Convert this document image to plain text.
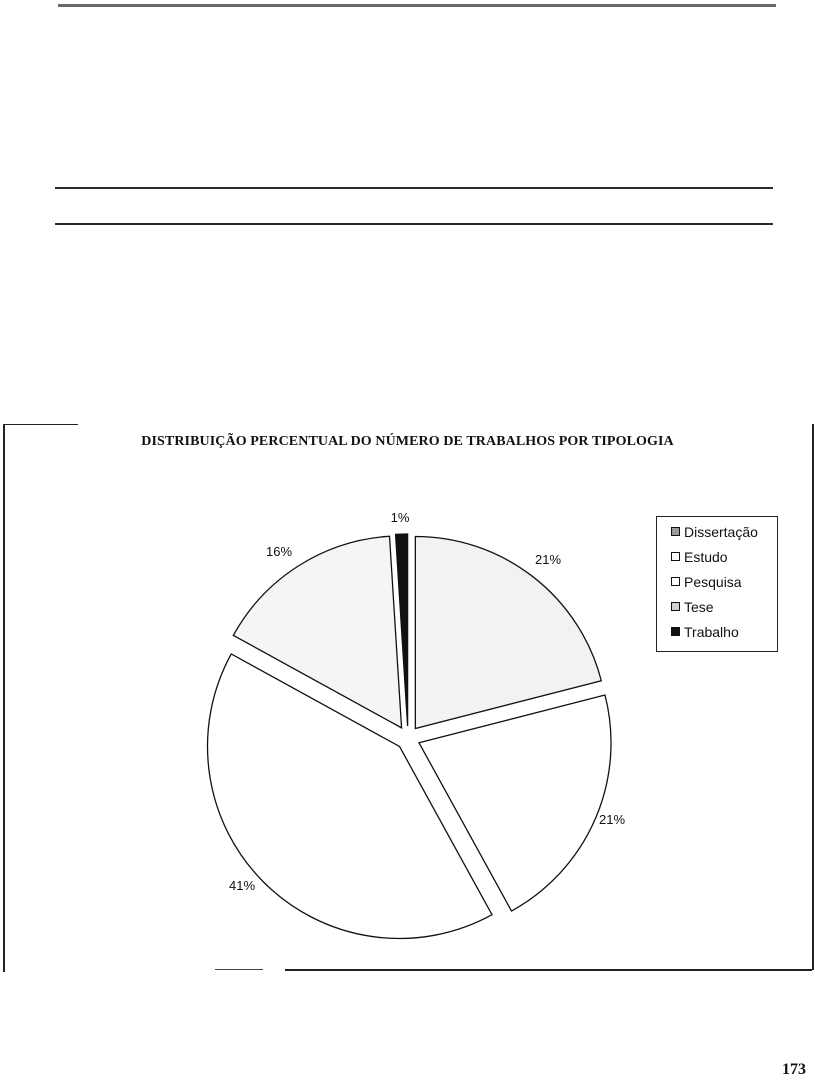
DISTRIBUIÇÃO PERCENTUAL DO NÚMERO DE TRABALHOS POR TIPOLOGIA
21%
21%
41%
16%
1%
Dissertação
Estudo
Pesquisa
Tese
Trabalho
173
